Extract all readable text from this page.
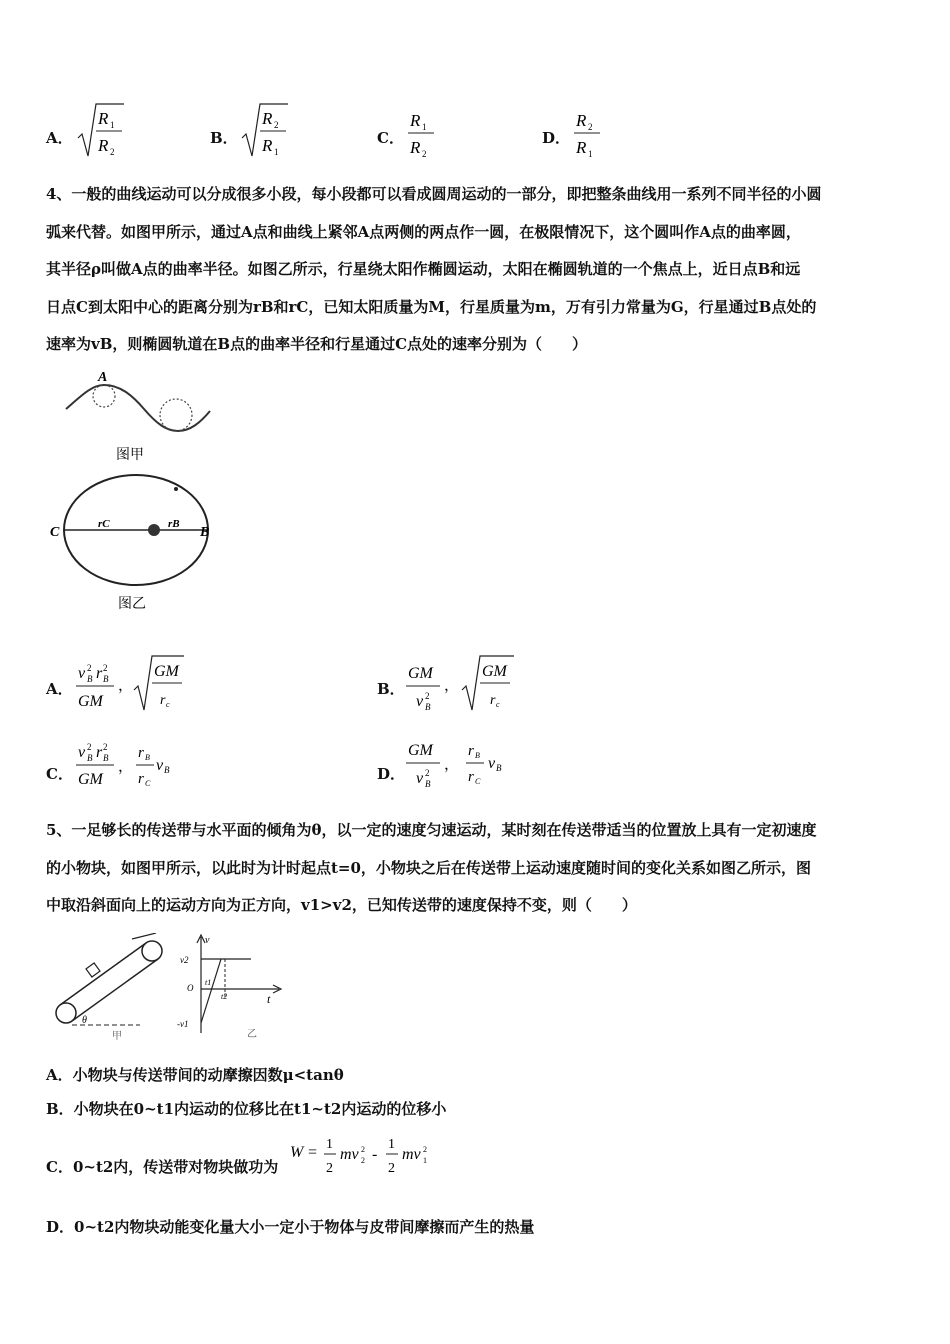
A．
R 1
R 2
B．
R 2
R 1
C．
R 1
R 2
D．
R 2
R 1
4、一般的曲线运动可以分成很多小段，每小段都可以看成圆周运动的一部分，即把整条曲线用一系列不同半径的小圆
弧来代替。如图甲所示，通过A点和曲线上紧邻A点两侧的两点作一圆，在极限情况下，这个圆叫作A点的曲率圆，
其半径ρ叫做A点的曲率半径。如图乙所示，行星绕太阳作椭圆运动，太阳在椭圆轨道的一个焦点上，近日点B和远
日点C到太阳中心的距离分别为rB和rC，已知太阳质量为M，行星质量为m，万有引力常量为G，行星通过B点处的
速率为vB，则椭圆轨道在B点的曲率半径和行星通过C点处的速率分别为（　　）
A
图甲
C	B
rC	rB
图乙
A．
v 2
B r 2
B
GM
，
GM
r c
B．
GM
v 2
B
，
GM
r c
C．
v 2
B r 2
B
GM
，
r B
r C
v B	D．
GM
v 2
B
，
r B
r C
v B
5、一足够长的传送带与水平面的倾角为θ，以一定的速度匀速运动，某时刻在传送带适当的位置放上具有一定初速度
的小物块，如图甲所示，以此时为计时起点t=0，小物块之后在传送带上运动速度随时间的变化关系如图乙所示，图
中取沿斜面向上的运动方向为正方向，v1>v2，已知传送带的速度保持不变，则（　　）
θ
甲
v
t
v2
O
t1
t2
-v1
乙
A．小物块与传送带间的动摩擦因数μ<tanθ
B．小物块在0~t1内运动的位移比在t1~t2内运动的位移小
C．0~t2内，传送带对物块做功为
W = 1
2
mv 2
2 -
1
2
mv 2
1
D．0~t2内物块动能变化量大小一定小于物体与皮带间摩擦而产生的热量
